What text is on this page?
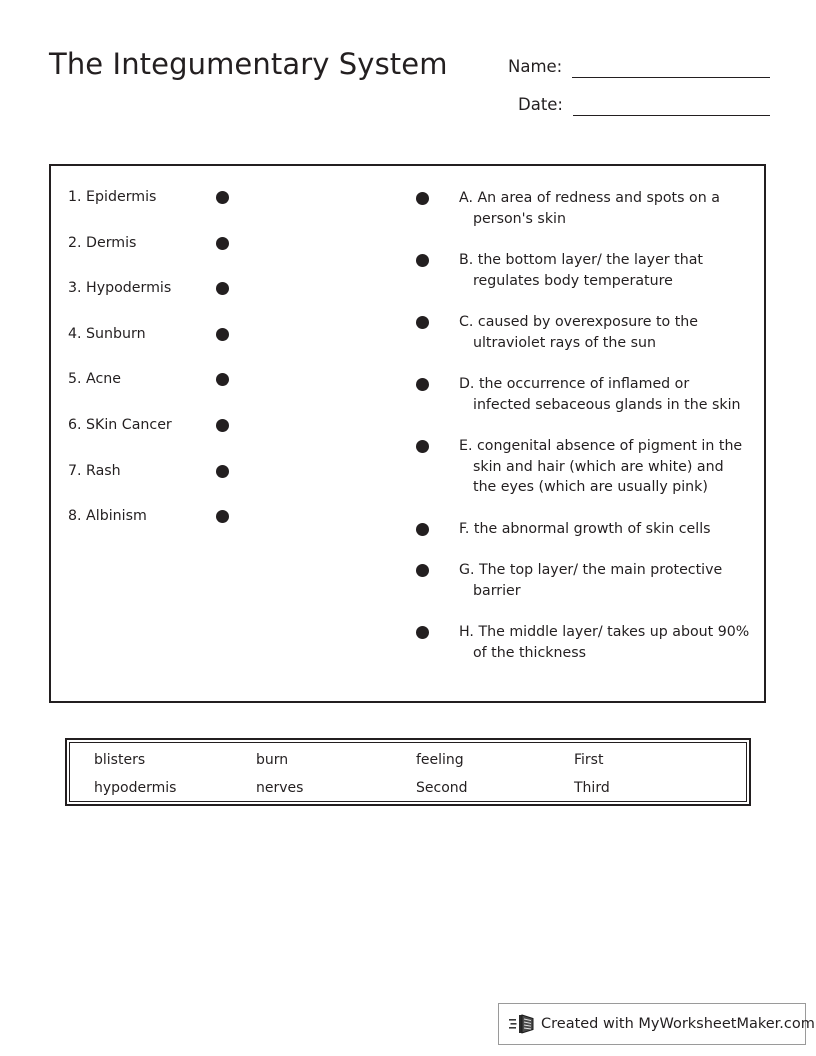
The Integumentary System	Name:
Date:
1. Epidermis
2. Dermis
3. Hypodermis
4. Sunburn
5. Acne
6. SKin Cancer
7. Rash
8. Albinism
A. An area of redness and spots on a person's skin
B. the bottom layer/ the layer that regulates body temperature
C. caused by overexposure to the ultraviolet rays of the sun
D. the occurrence of inflamed or infected sebaceous glands in the skin
E. congenital absence of pigment in the skin and hair (which are white) and the eyes (which are usually pink)
F. the abnormal growth of skin cells
G. The top layer/ the main protective barrier
H. The middle layer/ takes up about 90% of the thickness
blisters	burn	feeling	First
hypodermis	nerves	Second	Third
Created with MyWorksheetMaker.com
